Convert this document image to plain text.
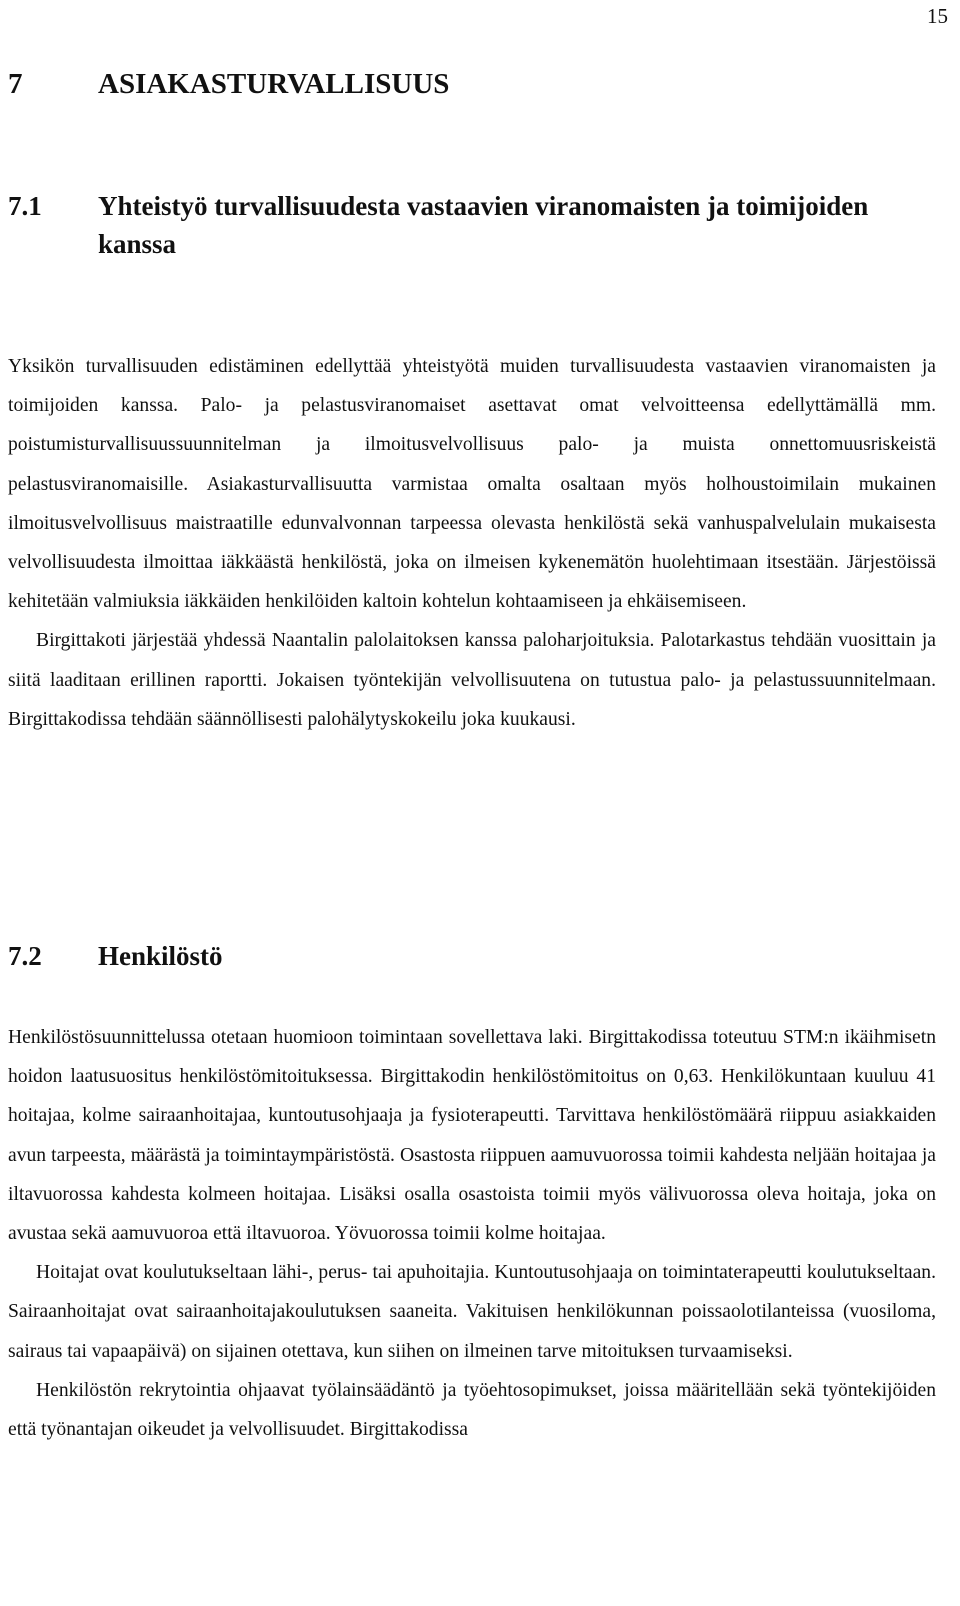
15
7	ASIAKASTURVALLISUUS
7.1	Yhteistyö turvallisuudesta vastaavien viranomaisten ja toimijoiden kanssa

Yksikön turvallisuuden edistäminen edellyttää yhteistyötä muiden turvallisuudesta vastaavien viranomaisten ja toimijoiden kanssa. Palo- ja pelastusviranomaiset asettavat omat velvoitteensa edellyttämällä mm. poistumisturvallisuussuunnitelman ja ilmoitusvelvollisuus palo- ja muista onnettomuusriskeistä pelastusviranomaisille. Asiakasturvallisuutta varmistaa omalta osaltaan myös holhoustoimilain mukainen ilmoitusvelvollisuus maistraatille edunvalvonnan tarpeessa olevasta henkilöstä sekä vanhuspalvelulain mukaisesta velvollisuudesta ilmoittaa iäkkäästä henkilöstä, joka on ilmeisen kykenemätön huolehtimaan itsestään. Järjestöissä kehitetään valmiuksia iäkkäiden henkilöiden kaltoin kohtelun kohtaamiseen ja ehkäisemiseen.

Birgittakoti järjestää yhdessä Naantalin palolaitoksen kanssa paloharjoituksia. Palotarkastus tehdään vuosittain ja siitä laaditaan erillinen raportti. Jokaisen työntekijän velvollisuutena on tutustua palo- ja pelastussuunnitelmaan. Birgittakodissa tehdään säännöllisesti palohälytyskokeilu joka kuukausi.

7.2	Henkilöstö

Henkilöstösuunnittelussa otetaan huomioon toimintaan sovellettava laki. Birgittakodissa toteutuu STM:n ikäihmisetn hoidon laatusuositus henkilöstömitoituksessa. Birgittakodin henkilöstömitoitus on 0,63. Henkilökuntaan kuuluu 41 hoitajaa, kolme sairaanhoitajaa, kuntoutusohjaaja ja fysioterapeutti. Tarvittava henkilöstömäärä riippuu asiakkaiden avun tarpeesta, määrästä ja toimintaympäristöstä. Osastosta riippuen aamuvuorossa toimii kahdesta neljään hoitajaa ja iltavuorossa kahdesta kolmeen hoitajaa. Lisäksi osalla osastoista toimii myös välivuorossa oleva hoitaja, joka on avustaa sekä aamuvuoroa että iltavuoroa. Yövuorossa toimii kolme hoitajaa.

Hoitajat ovat koulutukseltaan lähi-, perus- tai apuhoitajia. Kuntoutusohjaaja on toimintaterapeutti koulutukseltaan. Sairaanhoitajat ovat sairaanhoitajakoulutuksen saaneita. Vakituisen henkilökunnan poissaolotilanteissa (vuosiloma, sairaus tai vapaapäivä) on sijainen otettava, kun siihen on ilmeinen tarve mitoituksen turvaamiseksi.

Henkilöstön rekrytointia ohjaavat työlainsäädäntö ja työehtosopimukset, joissa määritellään sekä työntekijöiden että työnantajan oikeudet ja velvollisuudet. Birgittakodissa
